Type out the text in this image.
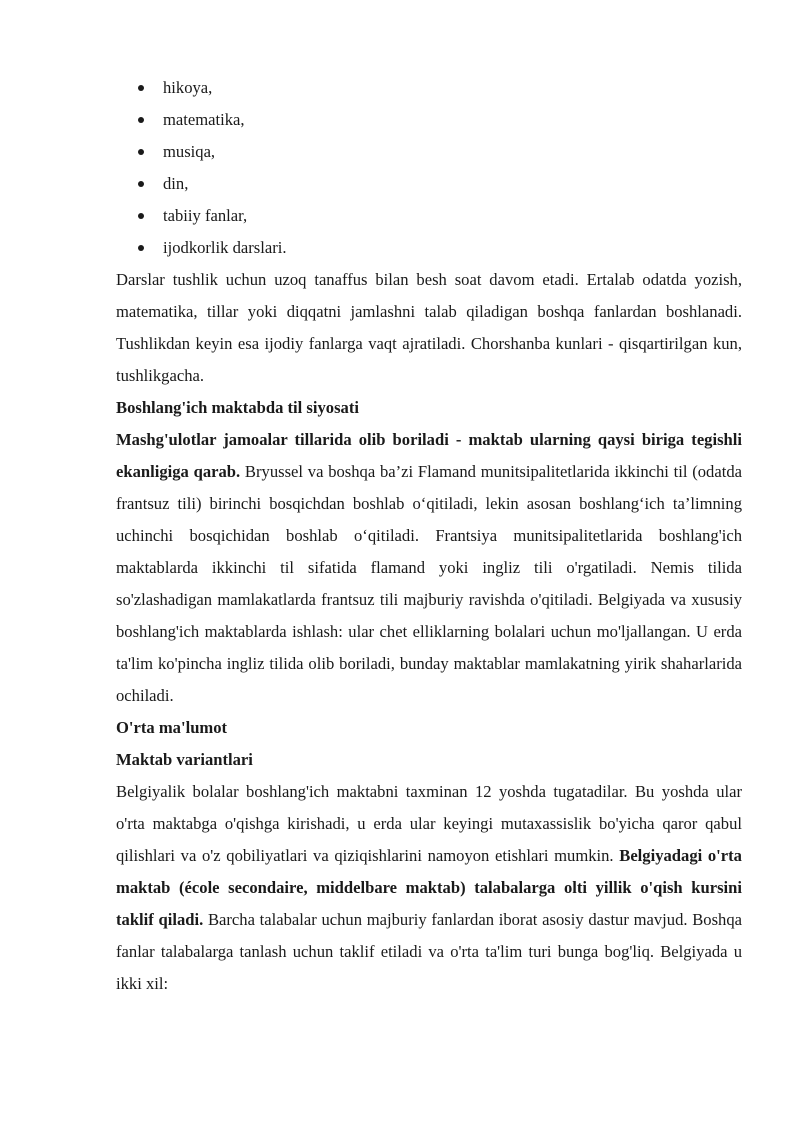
hikoya,
matematika,
musiqa,
din,
tabiiy fanlar,
ijodkorlik darslari.

Darslar tushlik uchun uzoq tanaffus bilan besh soat davom etadi. Ertalab odatda yozish, matematika, tillar yoki diqqatni jamlashni talab qiladigan boshqa fanlardan boshlanadi. Tushlikdan keyin esa ijodiy fanlarga vaqt ajratiladi. Chorshanba kunlari - qisqartirilgan kun, tushlikgacha.

Boshlang'ich maktabda til siyosati

Mashg'ulotlar jamoalar tillarida olib boriladi - maktab ularning qaysi biriga tegishli ekanligiga qarab. Bryussel va boshqa ba’zi Flamand munitsipalitetlarida ikkinchi til (odatda frantsuz tili) birinchi bosqichdan boshlab o‘qitiladi, lekin asosan boshlang‘ich ta’limning uchinchi bosqichidan boshlab o‘qitiladi. Frantsiya munitsipalitetlarida boshlang'ich maktablarda ikkinchi til sifatida flamand yoki ingliz tili o'rgatiladi. Nemis tilida so'zlashadigan mamlakatlarda frantsuz tili majburiy ravishda o'qitiladi. Belgiyada va xususiy boshlang'ich maktablarda ishlash: ular chet elliklarning bolalari uchun mo'ljallangan. U erda ta'lim ko'pincha ingliz tilida olib boriladi, bunday maktablar mamlakatning yirik shaharlarida ochiladi.

O'rta ma'lumot
Maktab variantlari

Belgiyalik bolalar boshlang'ich maktabni taxminan 12 yoshda tugatadilar. Bu yoshda ular o'rta maktabga o'qishga kirishadi, u erda ular keyingi mutaxassislik bo'yicha qaror qabul qilishlari va o'z qobiliyatlari va qiziqishlarini namoyon etishlari mumkin. Belgiyadagi o'rta maktab (école secondaire, middelbare maktab) talabalarga olti yillik o'qish kursini taklif qiladi. Barcha talabalar uchun majburiy fanlardan iborat asosiy dastur mavjud. Boshqa fanlar talabalarga tanlash uchun taklif etiladi va o'rta ta'lim turi bunga bog'liq. Belgiyada u ikki xil:
